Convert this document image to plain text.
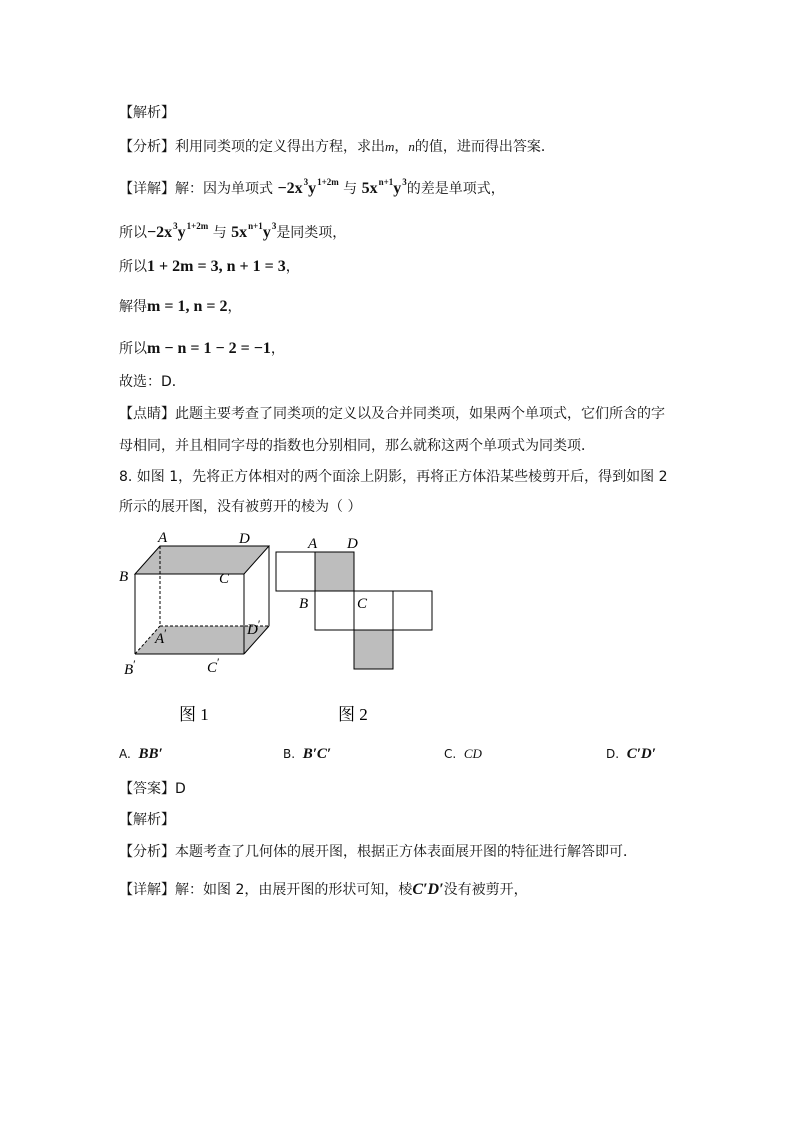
【解析】
【分析】利用同类项的定义得出方程，求出m，n的值，进而得出答案．
【详解】解：因为单项式 $-2x^3y^{1+2m}$ 与 $5x^{n+1}y^3$的差是单项式，
所以$-2x^3y^{1+2m}$ 与 $5x^{n+1}y^3$是同类项，
所以1 + 2m = 3, n + 1 = 3，
解得m = 1, n = 2，
所以m − n = 1 − 2 = −1，
故选：D．
【点睛】此题主要考查了同类项的定义以及合并同类项，如果两个单项式，它们所含的字
母相同，并且相同字母的指数也分别相同，那么就称这两个单项式为同类项．
8. 如图 1，先将正方体相对的两个面涂上阴影，再将正方体沿某些棱剪开后，得到如图 2
所示的展开图，没有被剪开的棱为（ ）
A	D
B	C
A′	D′
B′	C′
图 1
A D
B	C
图 2
A. BB′	B. B′C′	C. CD	D. C′D′
【答案】D
【解析】
【分析】本题考查了几何体的展开图，根据正方体表面展开图的特征进行解答即可．
【详解】解：如图 2，由展开图的形状可知，棱C′D′没有被剪开，
